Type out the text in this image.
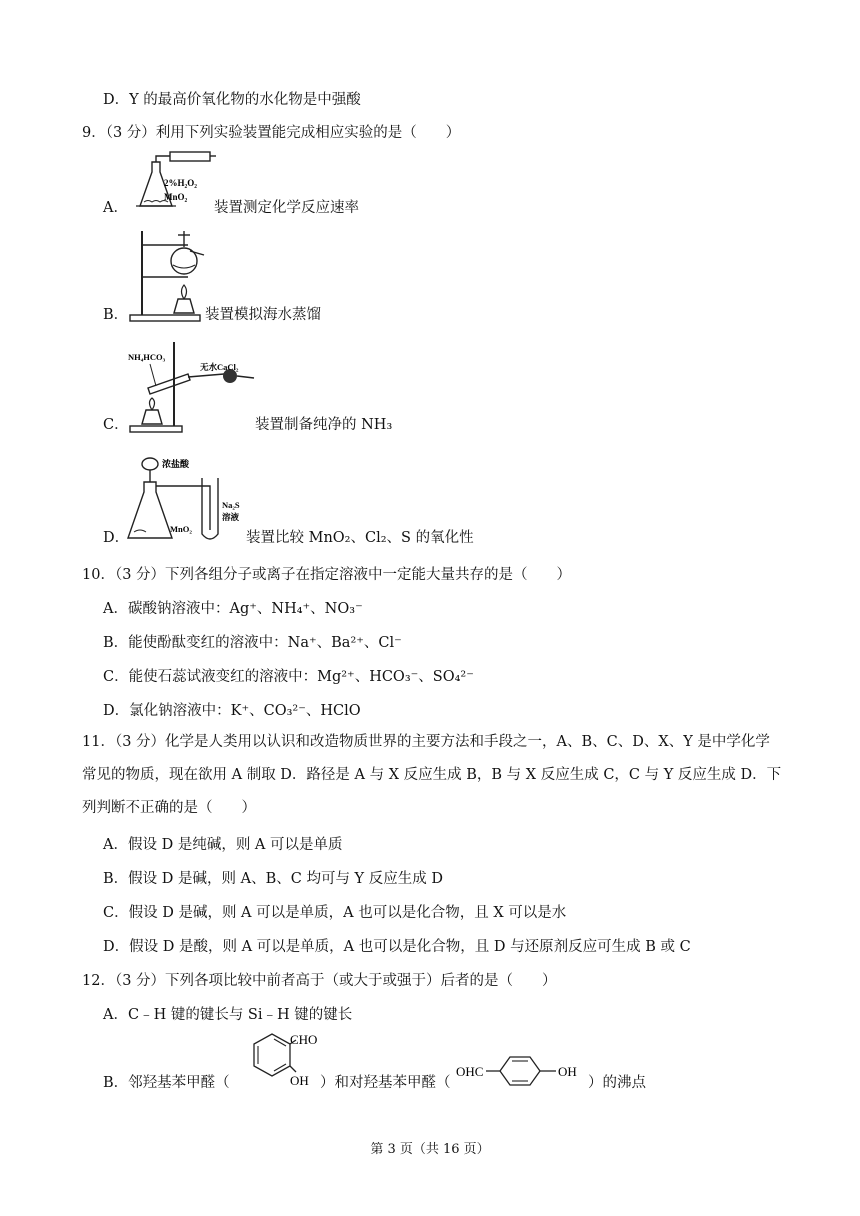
D．Y 的最高价氧化物的水化物是中强酸
9．（3 分）利用下列实验装置能完成相应实验的是（　　）
A．
2%H₂O₂
MnO₂
装置测定化学反应速率
B．	装置模拟海水蒸馏
C．
NH₄HCO₃
无水CaCl₂
装置制备纯净的 NH₃
D．
浓盐酸
MnO₂
Na₂S
溶液
装置比较 MnO₂、Cl₂、S 的氧化性
10．（3 分）下列各组分子或离子在指定溶液中一定能大量共存的是（　　）
A．碳酸钠溶液中：Ag⁺、NH₄⁺、NO₃⁻
B．能使酚酞变红的溶液中：Na⁺、Ba²⁺、Cl⁻
C．能使石蕊试液变红的溶液中：Mg²⁺、HCO₃⁻、SO₄²⁻
D．氯化钠溶液中：K⁺、CO₃²⁻、HClO
11．（3 分）化学是人类用以认识和改造物质世界的主要方法和手段之一，A、B、C、D、X、Y 是中学化学 常见的物质，现在欲用 A 制取 D．路径是 A 与 X 反应生成 B，B 与 X 反应生成 C，C 与 Y 反应生成 D．下列判断不正确的是（　　）
A．假设 D 是纯碱，则 A 可以是单质
B．假设 D 是碱，则 A、B、C 均可与 Y 反应生成 D
C．假设 D 是碱，则 A 可以是单质，A 也可以是化合物，且 X 可以是水
D．假设 D 是酸，则 A 可以是单质，A 也可以是化合物，且 D 与还原剂反应可生成 B 或 C
12．（3 分）下列各项比较中前者高于（或大于或强于）后者的是（　　）
A．C﹣H 键的键长与 Si﹣H 键的键长
B．邻羟基苯甲醛（
CHO
OH ）和对羟基苯甲醛（
OHC	OH
）的沸点
第 3 页（共 16 页）
